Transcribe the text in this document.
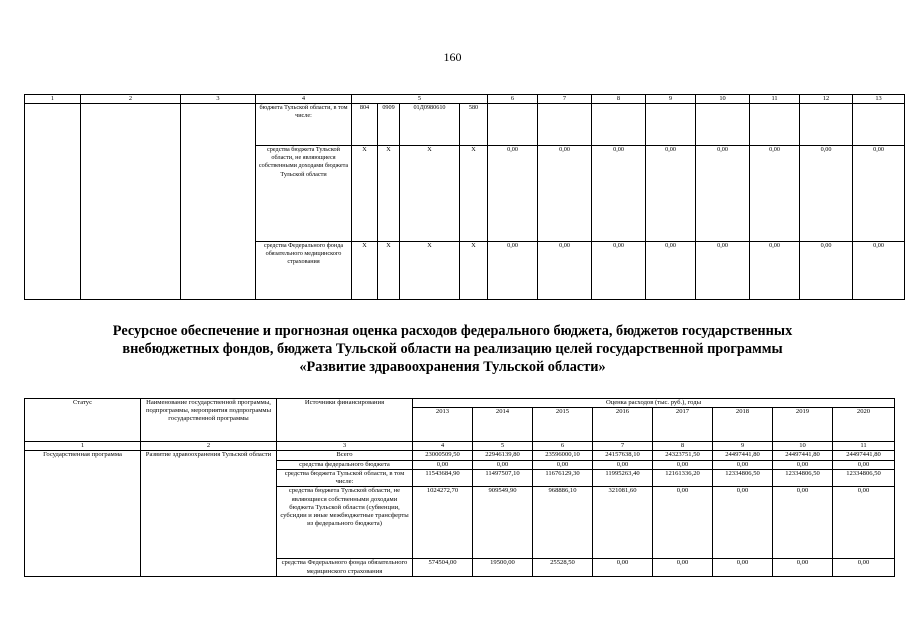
160
1	2	3	4	5				6	7	8	9	10	11	12	13
			бюджета Тульской области, в том числе:	804	0909	01Д0980610	580								
			средства бюджета Тульской области, не являющиеся собственными доходами бюджета Тульской области	X	X	X	X	0,00	0,00	0,00	0,00	0,00	0,00	0,00	0,00
			средства Федерального фонда обязательного медицинского страхования	X	X	X	X	0,00	0,00	0,00	0,00	0,00	0,00	0,00	0,00
Ресурсное обеспечение и прогнозная оценка расходов федерального бюджета, бюджетов государственных
внебюджетных фондов, бюджета Тульской области на реализацию целей государственной программы
«Развитие здравоохранения Тульской области»
Статус	Наименование государственной программы, подпрограммы, мероприятия подпрограммы государственной программы	Источники финансирования	Оценка расходов (тыс. руб.), годы							
			2013	2014	2015	2016	2017	2018	2019	2020
1	2	3	4	5	6	7	8	9	10	11
Государственная программа	Развитие здравоохранения Тульской области	Всего	23000509,50	22946139,80	23596000,10	24157638,10	24323751,50	24497441,80	24497441,80	24497441,80
		средства федерального бюджета	0,00	0,00	0,00	0,00	0,00	0,00	0,00	0,00
		средства бюджета Тульской области, в том числе:	11543684,90	11497507,10	11676129,30	11995263,40	12161336,20	12334806,50	12334806,50	12334806,50
		средства бюджета Тульской области, не являющиеся собственными доходами бюджета Тульской области (субвенции, субсидии и иные межбюджетные трансферты из федерального бюджета)	1024272,70	909549,90	968886,10	321081,60	0,00	0,00	0,00	0,00
		средства Федерального фонда обязательного медицинского страхования	574504,00	19500,00	25528,50	0,00	0,00	0,00	0,00	0,00
